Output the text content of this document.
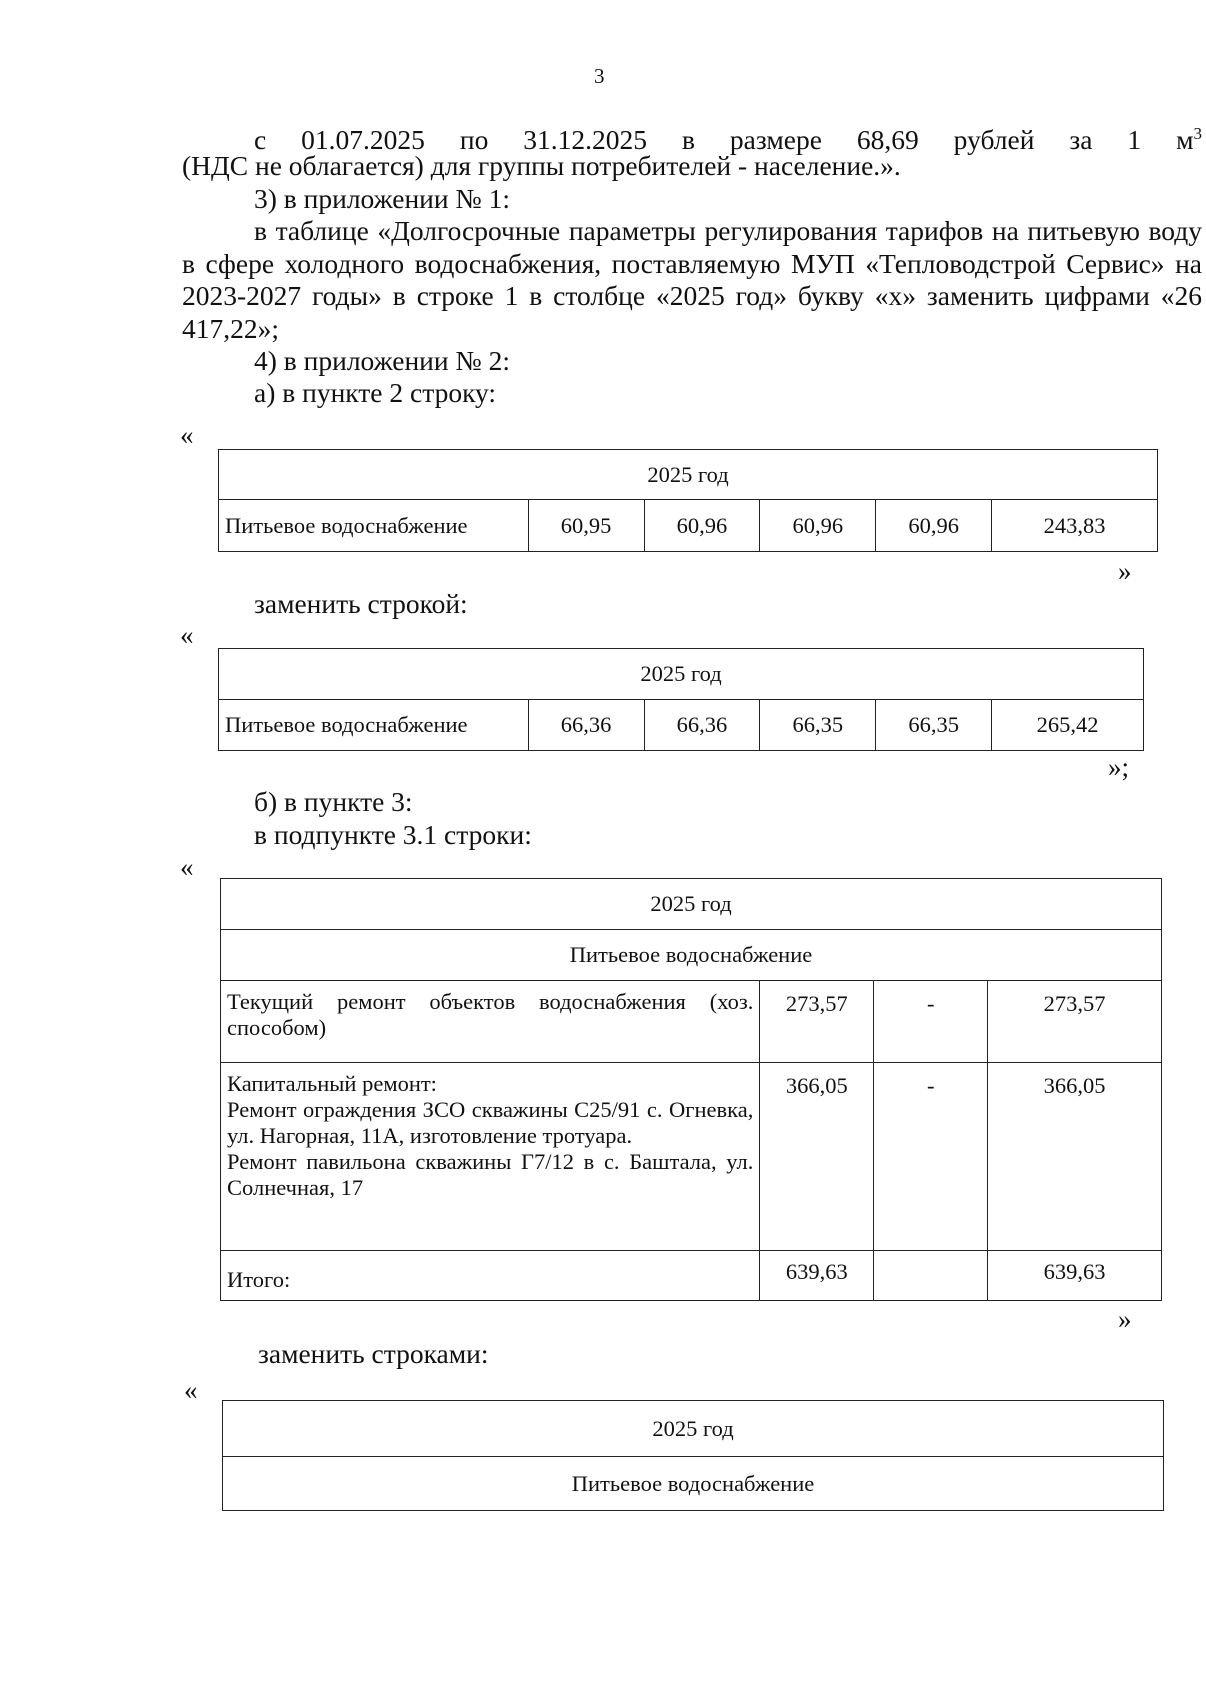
3
с 01.07.2025 по 31.12.2025 в размере 68,69 рублей за 1 $м^3$
(НДС не облагается) для группы потребителей - население.».
3) в приложении № 1:
в таблице «Долгосрочные параметры регулирования тарифов на питьевую воду в сфере холодного водоснабжения, поставляемую МУП «Тепловодстрой Сервис» на 2023-2027 годы» в строке 1 в столбце «2025 год» букву «х» заменить цифрами «26 417,22»;
4) в приложении № 2:
а) в пункте 2 строку:
«
2025 год
Питьевое водоснабжение	60,95	60,96	60,96	60,96	243,83
»
заменить строкой:
«
2025 год
Питьевое водоснабжение	66,36	66,36	66,35	66,35	265,42
»;
б) в пункте 3:
в подпункте 3.1 строки:
«
2025 год			
Питьевое водоснабжение			
Текущий ремонт объектов водоснабжения (хоз. способом)	273,57	-	273,57

Капитальный ремонт:
Ремонт ограждения ЗСО скважины С25/91 с. Огневка, ул. Нагорная, 11А, изготовление тротуара.
Ремонт павильона скважины Г7/12 в с. Баштала, ул. Солнечная, 17	366,05	-	366,05
Итого:	639,63		639,63
»
заменить строками:
«
2025 год
Питьевое водоснабжение
